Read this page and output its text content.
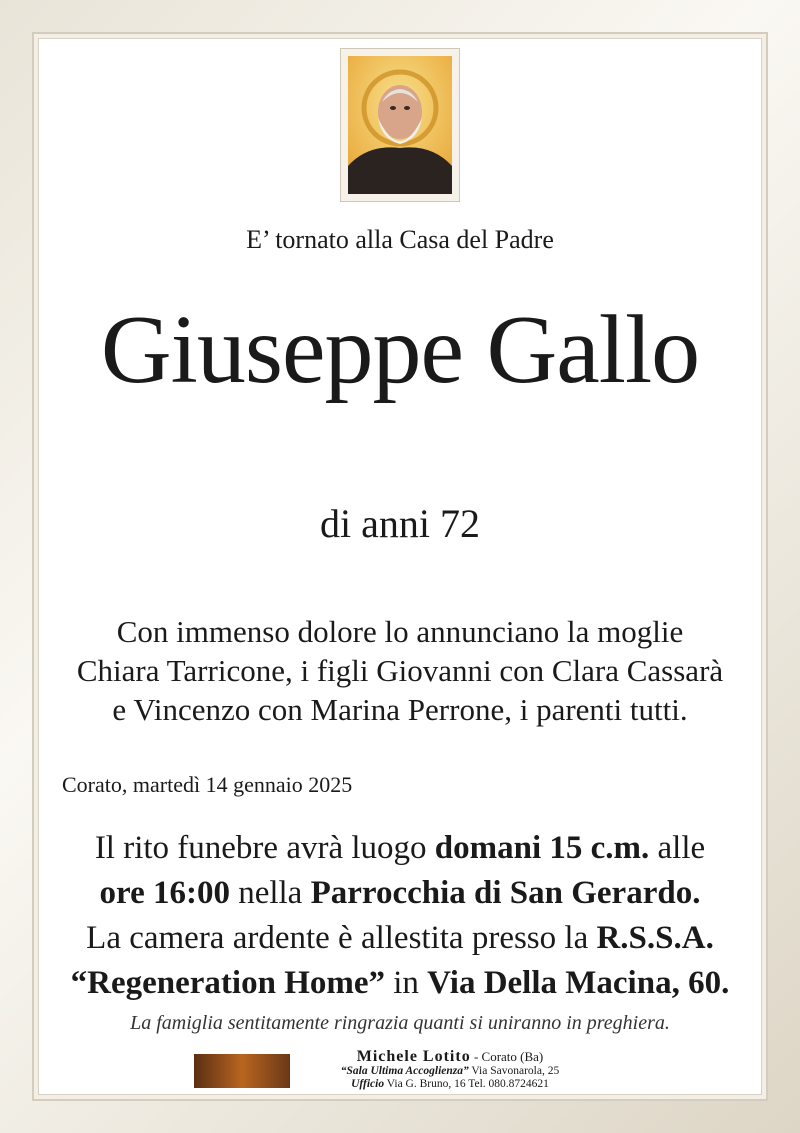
E’ tornato alla Casa del Padre
Giuseppe Gallo
di anni 72
Con immenso dolore lo annunciano la moglie
Chiara Tarricone, i figli Giovanni con Clara Cassarà
e Vincenzo con Marina Perrone, i parenti tutti.
Corato, martedì 14 gennaio 2025
Il rito funebre avrà luogo domani 15 c.m. alle
ore 16:00 nella Parrocchia di San Gerardo.
La camera ardente è allestita presso la R.S.S.A.
“Regeneration Home” in Via Della Macina, 60.
La famiglia sentitamente ringrazia quanti si uniranno in preghiera.
Michele Lotito - Corato (Ba)
“Sala Ultima Accoglienza” Via Savonarola, 25
Ufficio Via G. Bruno, 16 Tel. 080.8724621
